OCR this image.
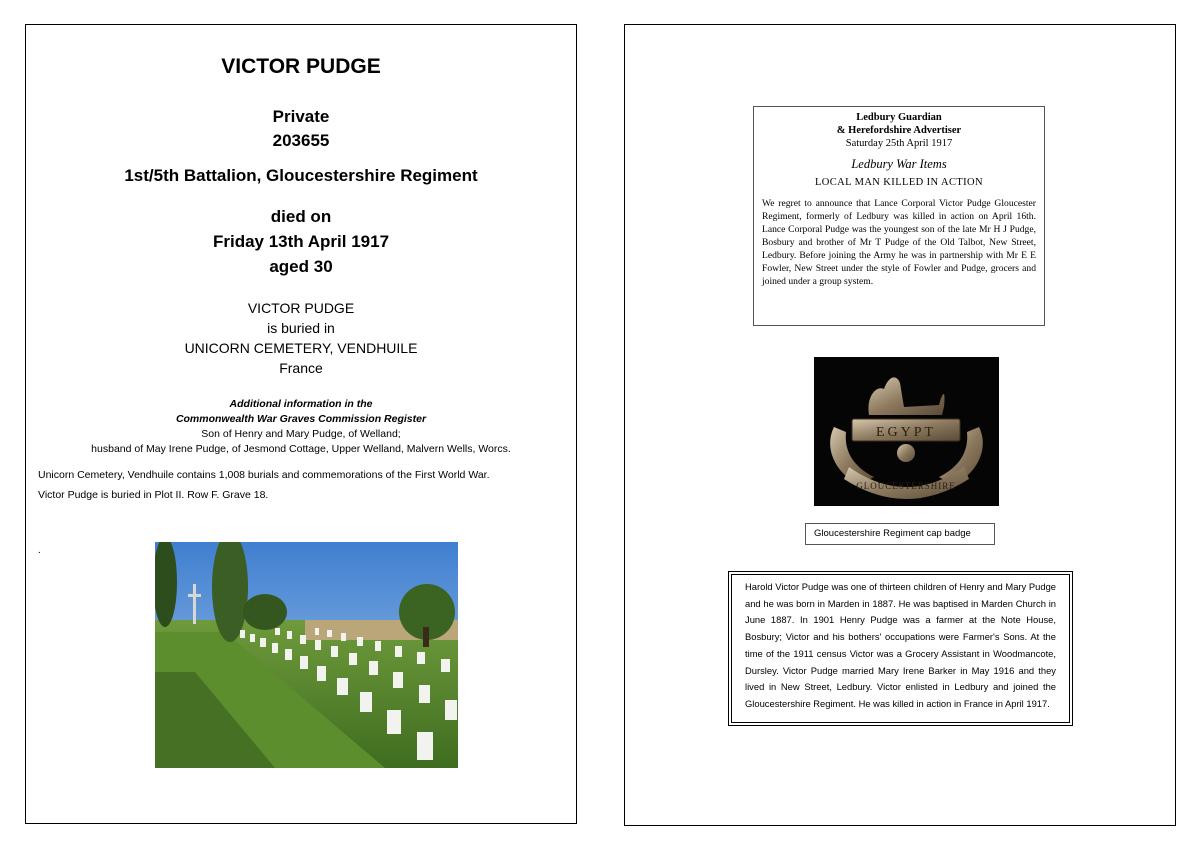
VICTOR PUDGE

Private
203655

1st/5th Battalion, Gloucestershire Regiment

died on
Friday 13th April 1917
aged 30
VICTOR PUDGE
is buried in
UNICORN CEMETERY, VENDHUILE
France
Additional information in the
Commonwealth War Graves Commission Register
Son of Henry and Mary Pudge, of Welland;
husband of May Irene Pudge, of Jesmond Cottage, Upper Welland, Malvern Wells, Worcs.

Unicorn Cemetery, Vendhuile contains 1,008 burials and commemorations of the First World War.

Victor Pudge is buried in Plot II. Row F. Grave 18.

.

Ledbury Guardian
& Herefordshire Advertiser
Saturday 25th April 1917

Ledbury War Items

LOCAL MAN KILLED IN ACTION

We regret to announce that Lance Corporal Victor Pudge Gloucester Regiment, formerly of Ledbury was killed in action on April 16th. Lance Corporal Pudge was the youngest son of the late Mr H J Pudge, Bosbury and brother of Mr T Pudge of the Old Talbot, New Street, Ledbury. Before joining the Army he was in partnership with Mr E E Fowler, New Street under the style of Fowler and Pudge, grocers and joined under a group system.

EGYPT
GLOUCESTERSHIRE
Gloucestershire Regiment cap badge
Harold Victor Pudge was one of thirteen children of Henry and Mary Pudge and he was born in Marden in 1887. He was baptised in Marden Church in June 1887. In 1901 Henry Pudge was a farmer at the Note House, Bosbury; Victor and his bothers' occupations were Farmer's Sons. At the time of the 1911 census Victor was a Grocery Assistant in Woodmancote, Dursley. Victor Pudge married Mary Irene Barker in May 1916 and they lived in New Street, Ledbury. Victor enlisted in Ledbury and joined the Gloucestershire Regiment. He was killed in action in France in April 1917.
